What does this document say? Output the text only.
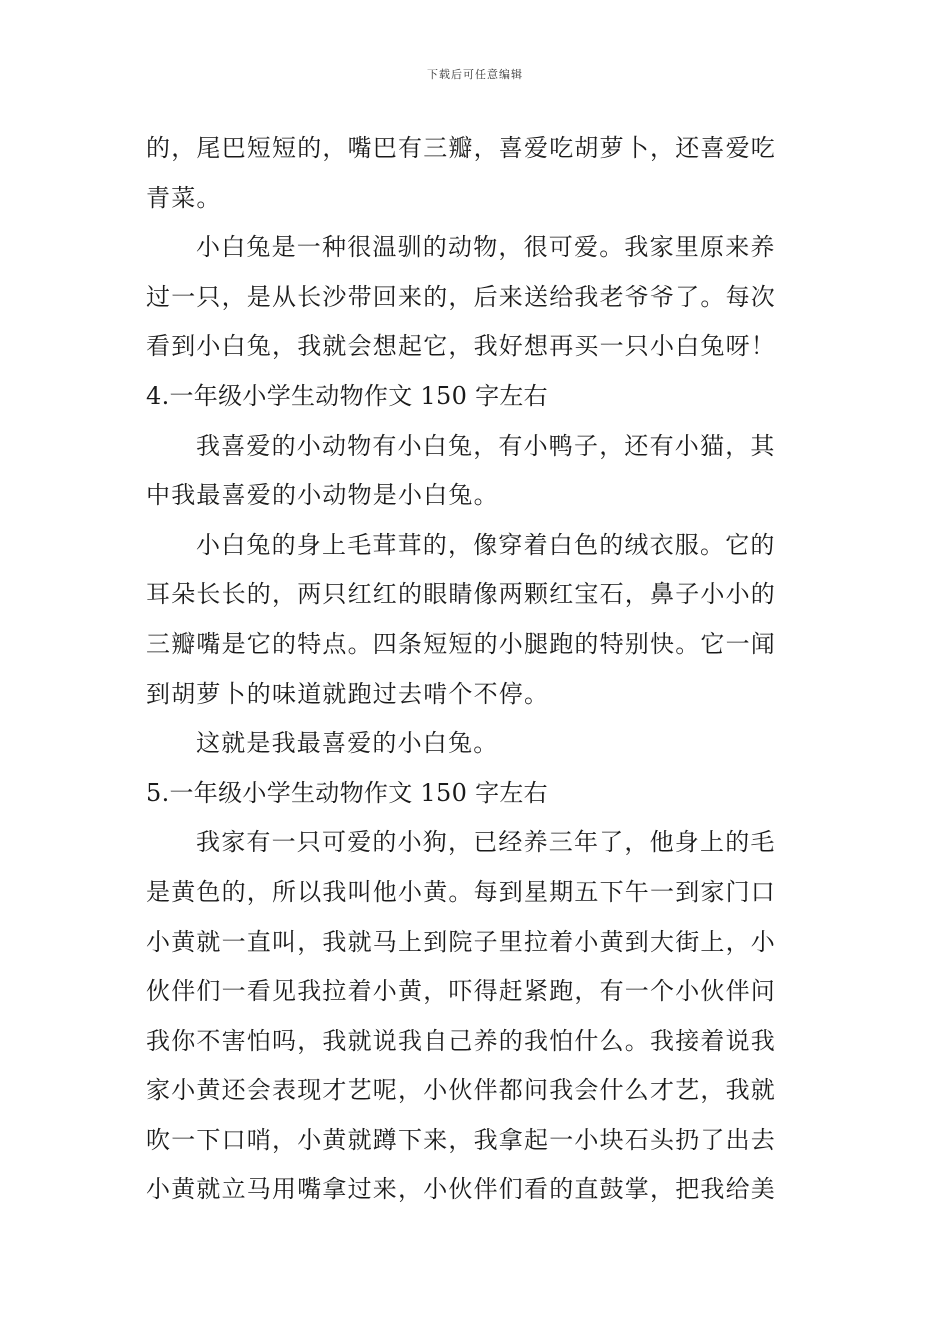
下载后可任意编辑
的，尾巴短短的，嘴巴有三瓣，喜爱吃胡萝卜，还喜爱吃
青菜。
小白兔是一种很温驯的动物，很可爱。我家里原来养
过一只，是从长沙带回来的，后来送给我老爷爷了。每次
看到小白兔，我就会想起它，我好想再买一只小白兔呀！
4.一年级小学生动物作文 150 字左右
我喜爱的小动物有小白兔，有小鸭子，还有小猫，其
中我最喜爱的小动物是小白兔。
小白兔的身上毛茸茸的，像穿着白色的绒衣服。它的
耳朵长长的，两只红红的眼睛像两颗红宝石，鼻子小小的
三瓣嘴是它的特点。四条短短的小腿跑的特别快。它一闻
到胡萝卜的味道就跑过去啃个不停。
这就是我最喜爱的小白兔。
5.一年级小学生动物作文 150 字左右
我家有一只可爱的小狗，已经养三年了，他身上的毛
是黄色的，所以我叫他小黄。每到星期五下午一到家门口
小黄就一直叫，我就马上到院子里拉着小黄到大街上，小
伙伴们一看见我拉着小黄，吓得赶紧跑，有一个小伙伴问
我你不害怕吗，我就说我自己养的我怕什么。我接着说我
家小黄还会表现才艺呢，小伙伴都问我会什么才艺，我就
吹一下口哨，小黄就蹲下来，我拿起一小块石头扔了出去
小黄就立马用嘴拿过来，小伙伴们看的直鼓掌，把我给美
